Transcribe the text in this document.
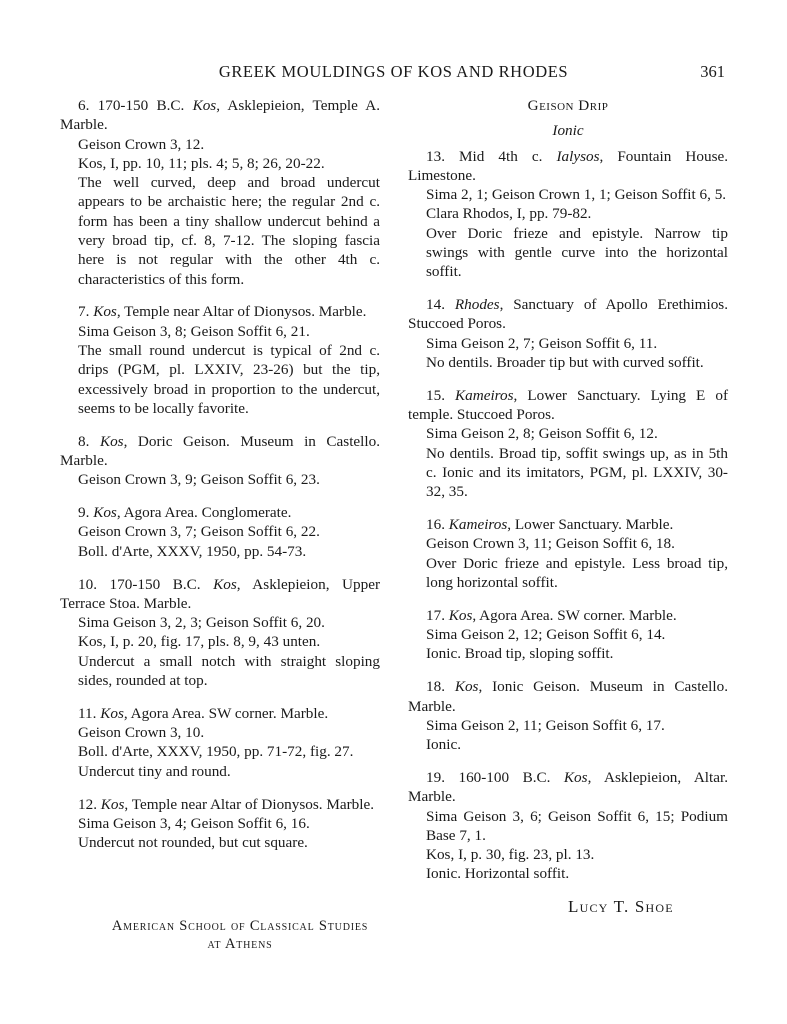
GREEK MOULDINGS OF KOS AND RHODES	361

6. 170-150 B.C. Kos, Asklepieion, Temple A. Marble.

Geison Crown 3, 12.

Kos, I, pp. 10, 11; pls. 4; 5, 8; 26, 20-22.

The well curved, deep and broad undercut appears to be archaistic here; the regular 2nd c. form has been a tiny shallow undercut behind a very broad tip, cf. 8, 7-12. The sloping fascia here is not regular with the other 4th c. characteristics of this form.

7. Kos, Temple near Altar of Dionysos. Marble.

Sima Geison 3, 8; Geison Soffit 6, 21.

The small round undercut is typical of 2nd c. drips (PGM, pl. LXXIV, 23-26) but the tip, excessively broad in proportion to the undercut, seems to be locally favorite.

8. Kos, Doric Geison. Museum in Castello. Marble.

Geison Crown 3, 9; Geison Soffit 6, 23.

9. Kos, Agora Area. Conglomerate.

Geison Crown 3, 7; Geison Soffit 6, 22.

Boll. d'Arte, XXXV, 1950, pp. 54-73.

10. 170-150 B.C. Kos, Asklepieion, Upper Terrace Stoa. Marble.

Sima Geison 3, 2, 3; Geison Soffit 6, 20.

Kos, I, p. 20, fig. 17, pls. 8, 9, 43 unten.

Undercut a small notch with straight sloping sides, rounded at top.

11. Kos, Agora Area. SW corner. Marble.

Geison Crown 3, 10.

Boll. d'Arte, XXXV, 1950, pp. 71-72, fig. 27.

Undercut tiny and round.

12. Kos, Temple near Altar of Dionysos. Marble.

Sima Geison 3, 4; Geison Soffit 6, 16.

Undercut not rounded, but cut square.

Geison Drip
Ionic

13. Mid 4th c. Ialysos, Fountain House. Limestone.

Sima 2, 1; Geison Crown 1, 1; Geison Soffit 6, 5.

Clara Rhodos, I, pp. 79-82.

Over Doric frieze and epistyle. Narrow tip swings with gentle curve into the horizontal soffit.

14. Rhodes, Sanctuary of Apollo Erethimios. Stuccoed Poros.

Sima Geison 2, 7; Geison Soffit 6, 11.

No dentils. Broader tip but with curved soffit.

15. Kameiros, Lower Sanctuary. Lying E of temple. Stuccoed Poros.

Sima Geison 2, 8; Geison Soffit 6, 12.

No dentils. Broad tip, soffit swings up, as in 5th c. Ionic and its imitators, PGM, pl. LXXIV, 30-32, 35.

16. Kameiros, Lower Sanctuary. Marble.

Geison Crown 3, 11; Geison Soffit 6, 18.

Over Doric frieze and epistyle. Less broad tip, long horizontal soffit.

17. Kos, Agora Area. SW corner. Marble.

Sima Geison 2, 12; Geison Soffit 6, 14.

Ionic. Broad tip, sloping soffit.

18. Kos, Ionic Geison. Museum in Castello. Marble.

Sima Geison 2, 11; Geison Soffit 6, 17.

Ionic.

19. 160-100 B.C. Kos, Asklepieion, Altar. Marble.

Sima Geison 3, 6; Geison Soffit 6, 15; Podium Base 7, 1.

Kos, I, p. 30, fig. 23, pl. 13.

Ionic. Horizontal soffit.

Lucy T. Shoe
American School of Classical Studies
at Athens
